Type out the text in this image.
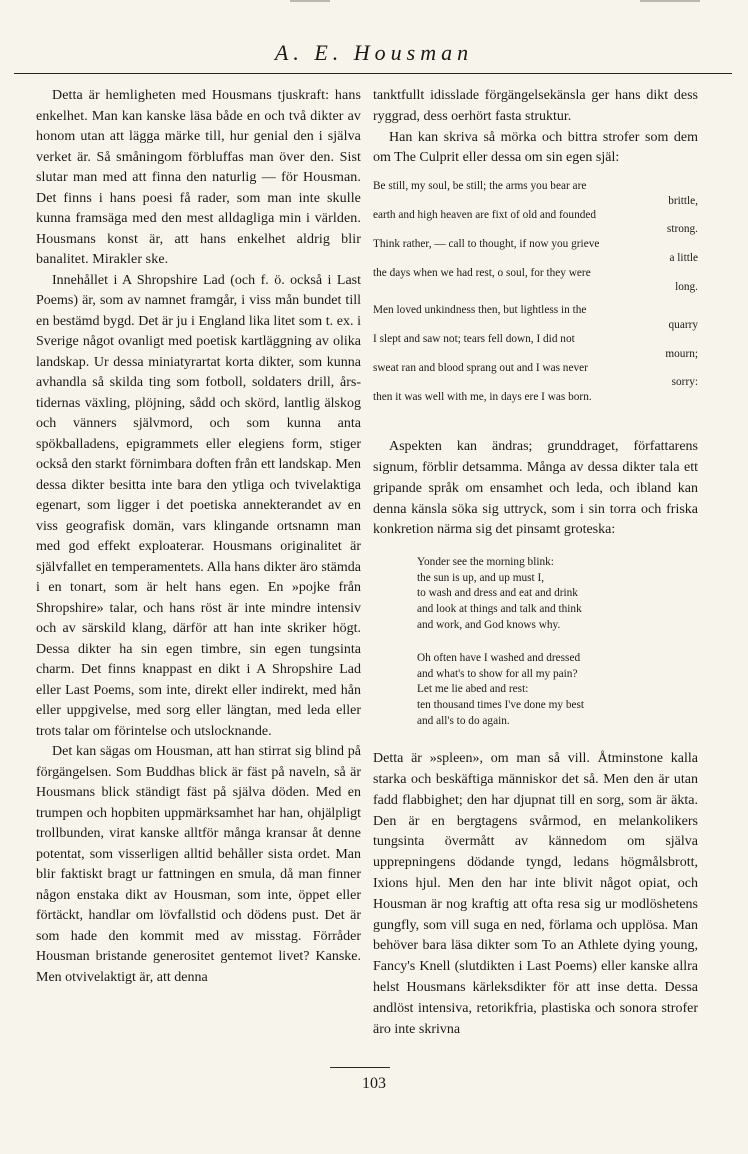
A. E. Housman

Detta är hemligheten med Housmans tjuskraft: hans enkelhet. Man kan kanske läsa både en och två dikter av honom utan att lägga märke till, hur genial den i själva verket är. Så småningom förbluffas man över den. Sist slutar man med att finna den naturlig — för Housman. Det finns i hans poesi få rader, som man inte skulle kunna framsäga med den mest alldagliga min i världen. Housmans konst är, att hans enkelhet aldrig blir banalitet. Mirakler ske.

Innehållet i A Shropshire Lad (och f. ö. också i Last Poems) är, som av namnet framgår, i viss mån bundet till en bestämd bygd. Det är ju i England lika litet som t. ex. i Sverige något ovanligt med poetisk kartläggning av olika landskap. Ur dessa miniatyrartat korta dikter, som kunna avhandla så skilda ting som fotboll, soldaters drill, årstidernas växling, plöjning, sådd och skörd, lantlig älskog och vänners självmord, och som kunna anta spökballadens, epigrammets eller elegiens form, stiger också den starkt förnimbara doften från ett landskap. Men dessa dikter besitta inte bara den ytliga och tvivelaktiga egenart, som ligger i det poetiska annekterandet av en viss geografisk domän, vars klingande ortsnamn man med god effekt exploaterar. Housmans originalitet är självfallet en temperamentets. Alla hans dikter äro stämda i en tonart, som är helt hans egen. En »pojke från Shropshire» talar, och hans röst är inte mindre intensiv och av särskild klang, därför att han inte skriker högt. Dessa dikter ha sin egen timbre, sin egen tungsinta charm. Det finns knappast en dikt i A Shropshire Lad eller Last Poems, som inte, direkt eller indirekt, med hån eller uppgivelse, med sorg eller längtan, med leda eller trots talar om förintelse och utslocknande.

Det kan sägas om Housman, att han stirrat sig blind på förgängelsen. Som Buddhas blick är fäst på naveln, så är Housmans blick ständigt fäst på själva döden. Med en trumpen och hopbiten uppmärksamhet har han, ohjälpligt trollbunden, virat kanske alltför många kransar åt denne potentat, som visserligen alltid behåller sista ordet. Man blir faktiskt bragt ur fattningen en smula, då man finner någon enstaka dikt av Housman, som inte, öppet eller förtäckt, handlar om lövfallstid och dödens pust. Det är som hade den kommit med av misstag. Förråder Housman bristande generositet gentemot livet? Kanske. Men otvivelaktigt är, att denna

tanktfullt idisslade förgängelsekänsla ger hans dikt dess ryggrad, dess oerhört fasta struktur.

Han kan skriva så mörka och bittra strofer som dem om The Culprit eller dessa om sin egen själ:

Be still, my soul, be still; the arms you bear are
brittle,
earth and high heaven are fixt of old and founded
strong.
Think rather, — call to thought, if now you grieve
a little
the days when we had rest, o soul, for they were
long.
Men loved unkindness then, but lightless in the
quarry
I slept and saw not; tears fell down, I did not
mourn;
sweat ran and blood sprang out and I was never
sorry:
then it was well with me, in days ere I was born.

Aspekten kan ändras; grunddraget, författarens signum, förblir detsamma. Många av dessa dikter tala ett gripande språk om ensamhet och leda, och ibland kan denna känsla söka sig uttryck, som i sin torra och friska konkretion närma sig det pinsamt groteska:

Yonder see the morning blink:
the sun is up, and up must I,
to wash and dress and eat and drink
and look at things and talk and think
and work, and God knows why.
Oh often have I washed and dressed
and what's to show for all my pain?
Let me lie abed and rest:
ten thousand times I've done my best
and all's to do again.

Detta är »spleen», om man så vill. Åtminstone kalla starka och beskäftiga människor det så. Men den är utan fadd flabbighet; den har djupnat till en sorg, som är äkta. Den är en bergtagens svårmod, en melankolikers tungsinta övermått av kännedom om själva upprepningens dödande tyngd, ledans högmålsbrott, Ixions hjul. Men den har inte blivit något opiat, och Housman är nog kraftig att ofta resa sig ur modlöshetens gungfly, som vill suga en ned, förlama och upplösa. Man behöver bara läsa dikter som To an Athlete dying young, Fancy's Knell (slutdikten i Last Poems) eller kanske allra helst Housmans kärleksdikter för att inse detta. Dessa andlöst intensiva, retorikfria, plastiska och sonora strofer äro inte skrivna

103
